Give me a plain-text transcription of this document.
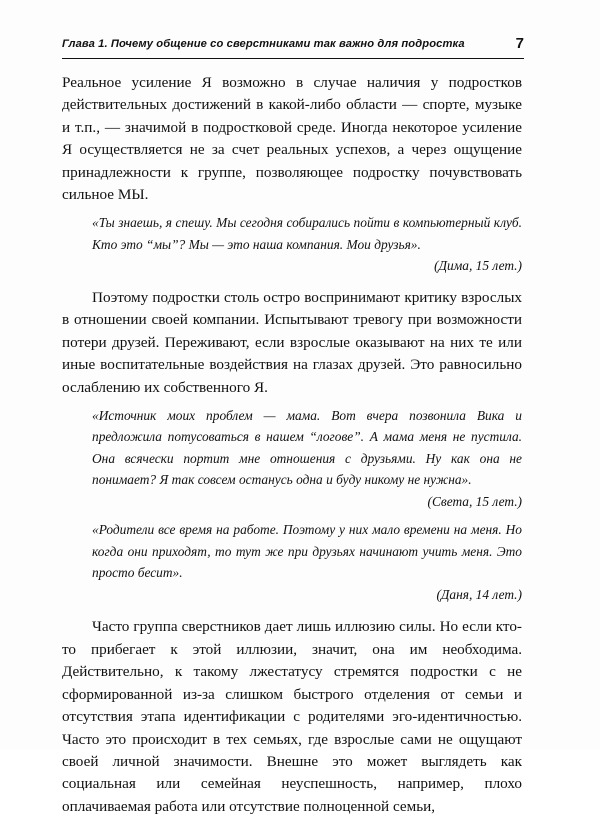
Глава 1. Почему общение со сверстниками так важно для подростка	7

Реальное усиление Я возможно в случае наличия у подростков действительных достижений в какой-либо области — спорте, музыке и т.п., — значимой в подростковой среде. Иногда некоторое усиление Я осуществляется не за счет реальных успехов, а через ощущение принадлежности к группе, позволяющее подростку почувствовать сильное МЫ.

«Ты знаешь, я спешу. Мы сегодня собирались пойти в компьютерный клуб. Кто это “мы”? Мы — это наша компания. Мои друзья».

(Дима, 15 лет.)

Поэтому подростки столь остро воспринимают критику взрослых в отношении своей компании. Испытывают тревогу при возможности потери друзей. Переживают, если взрослые оказывают на них те или иные воспитательные воздействия на глазах друзей. Это равносильно ослаблению их собственного Я.

«Источник моих проблем — мама. Вот вчера позвонила Вика и предложила потусоваться в нашем “логове”. А мама меня не пустила. Она всячески портит мне отношения с друзьями. Ну как она не понимает? Я так совсем останусь одна и буду никому не нужна».

(Света, 15 лет.)

«Родители все время на работе. Поэтому у них мало времени на меня. Но когда они приходят, то тут же при друзьях начинают учить меня. Это просто бесит».

(Даня, 14 лет.)

Часто группа сверстников дает лишь иллюзию силы. Но если кто-то прибегает к этой иллюзии, значит, она им необходима. Действительно, к такому лжестатусу стремятся подростки с не сформированной из-за слишком быстрого отделения от семьи и отсутствия этапа идентификации с родителями эго-идентичностью. Часто это происходит в тех семьях, где взрослые сами не ощущают своей личной значимости. Внешне это может выглядеть как социальная или семейная неуспешность, например, плохо оплачиваемая работа или отсутствие полноценной семьи,
